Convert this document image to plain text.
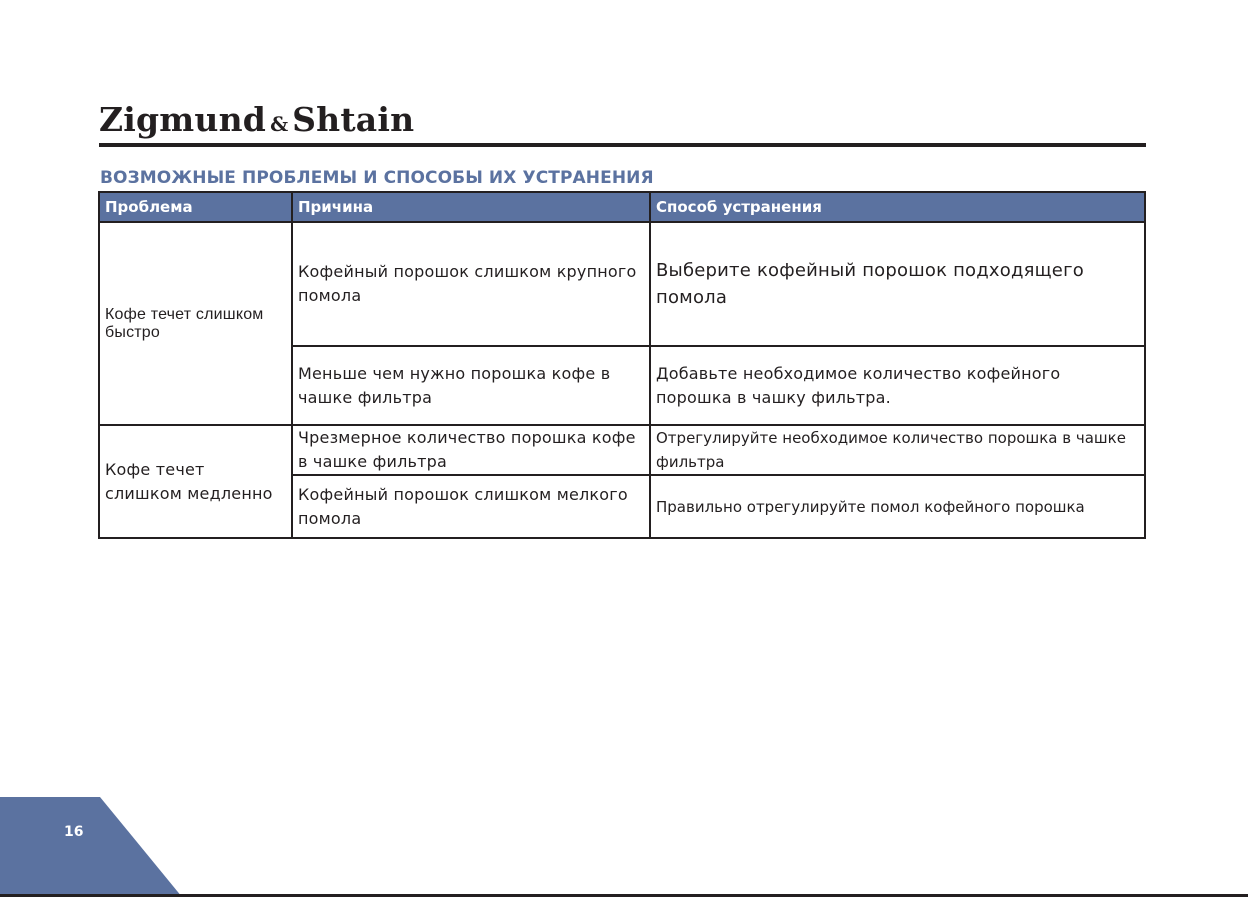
Zigmund & Shtain
ВОЗМОЖНЫЕ ПРОБЛЕМЫ И СПОСОБЫ ИХ УСТРАНЕНИЯ
Проблема	Причина	Способ устранения
Кофе течет слишком быстро	Кофейный порошок слишком крупного помола	Выберите кофейный порошок подходящего помола
	Меньше чем нужно порошка кофе в чашке фильтра	Добавьте необходимое количество кофейного порошка в чашку фильтра.
Кофе течет слишком медленно	Чрезмерное количество порошка кофе в чашке фильтра	Отрегулируйте необходимое количество порошка в чашке фильтра
	Кофейный порошок слишком мелкого помола	Правильно отрегулируйте помол кофейного порошка
16
